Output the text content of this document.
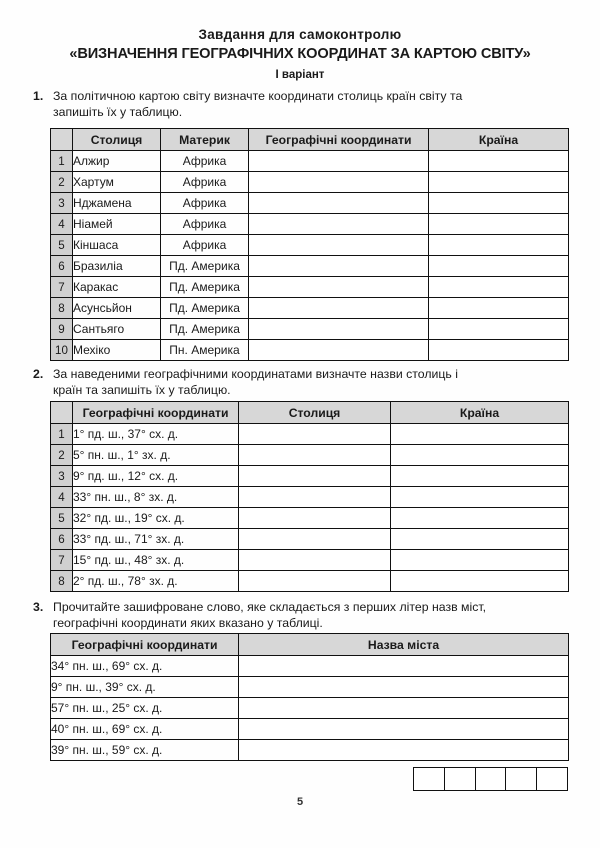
Завдання для самоконтролю
«ВИЗНАЧЕННЯ ГЕОГРАФІЧНИХ КООРДИНАТ ЗА КАРТОЮ СВІТУ»
I варіант
1. За політичною картою світу визначте координати столиць країн світу та
запишіть їх у таблицю.
	Столиця	Материк	Географічні координати	Країна
1	Алжир	Африка		
2	Хартум	Африка		
3	Нджамена	Африка		
4	Ніамей	Африка		
5	Кіншаса	Африка		
6	Бразиліа	Пд. Америка		
7	Каракас	Пд. Америка		
8	Асунсьйон	Пд. Америка		
9	Сантьяго	Пд. Америка		
10	Мехіко	Пн. Америка		
2. За наведеними географічними координатами визначте назви столиць і
країн та запишіть їх у таблицю.
	Географічні координати	Столиця	Країна
1	1° пд. ш., 37° сх. д.		
2	5° пн. ш., 1° зх. д.		
3	9° пд. ш., 12° сх. д.		
4	33° пн. ш., 8° зх. д.		
5	32° пд. ш., 19° сх. д.		
6	33° пд. ш., 71° зх. д.		
7	15° пд. ш., 48° зх. д.		
8	2° пд. ш., 78° зх. д.		
3. Прочитайте зашифроване слово, яке складається з перших літер назв міст,
географічні координати яких вказано у таблиці.
Географічні координати	Назва міста
34° пн. ш., 69° сх. д.	
9° пн. ш., 39° сх. д.	
57° пн. ш., 25° сх. д.	
40° пн. ш., 69° сх. д.	
39° пн. ш., 59° сх. д.	
5
